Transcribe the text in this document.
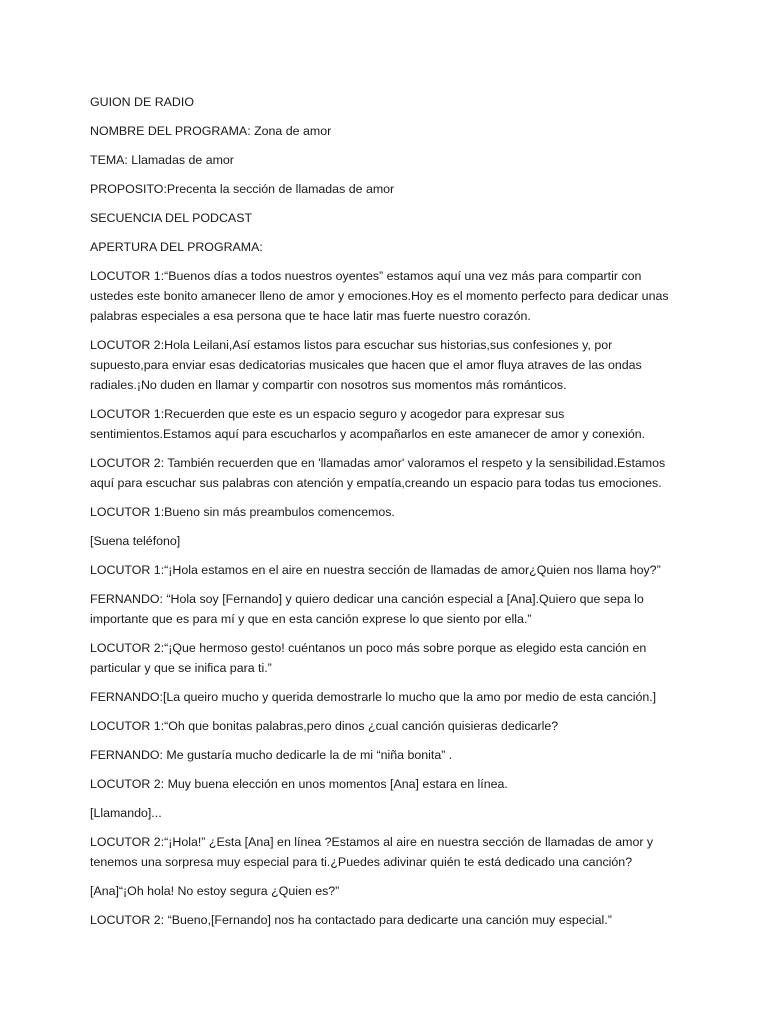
GUION DE RADIO

NOMBRE DEL PROGRAMA: Zona de amor

TEMA: Llamadas de amor

PROPOSITO:Precenta la sección de llamadas de amor

SECUENCIA DEL PODCAST

APERTURA DEL PROGRAMA:

LOCUTOR 1:“Buenos días a todos nuestros oyentes” estamos aquí una vez más para compartir con ustedes este bonito amanecer lleno de amor y emociones.Hoy es el momento perfecto para dedicar unas palabras especiales a esa persona que te hace latir mas fuerte nuestro corazón.

LOCUTOR 2:Hola Leilani,Así estamos listos para escuchar sus historias,sus confesiones y, por supuesto,para enviar esas dedicatorias musicales que hacen que el amor fluya atraves de las ondas radiales.¡No duden en llamar y compartir con nosotros sus momentos más románticos.

LOCUTOR 1:Recuerden que este es un espacio seguro y acogedor para expresar sus sentimientos.Estamos aquí para escucharlos y acompañarlos en este amanecer de amor y conexión.

LOCUTOR 2: También recuerden que en 'llamadas amor' valoramos el respeto y la sensibilidad.Estamos aquí para escuchar sus palabras con atención y empatía,creando un espacio para todas tus emociones.

LOCUTOR 1:Bueno sin más preambulos comencemos.

[Suena teléfono]

LOCUTOR 1:“¡Hola estamos en el aire en nuestra sección de llamadas de amor¿Quien nos llama hoy?”

FERNANDO: “Hola soy [Fernando] y quiero dedicar una canción especial a [Ana].Quiero que sepa lo importante que es para mí y que en esta canción exprese lo que siento por ella.”

LOCUTOR 2:“¡Que hermoso gesto! cuéntanos un poco más sobre porque as elegido esta canción en particular y que se inifica para ti.”

FERNANDO:[La queiro mucho y querida demostrarle lo mucho que la amo por medio de esta canción.]

LOCUTOR 1:“Oh que bonitas palabras,pero dinos ¿cual canción quisieras dedicarle?

FERNANDO: Me gustaría mucho dedicarle la de mi “niña bonita” .

LOCUTOR 2: Muy buena elección en unos momentos [Ana] estara en línea.

[Llamando]...

LOCUTOR 2:“¡Hola!” ¿Esta [Ana] en línea ?Estamos al aire en nuestra sección de llamadas de amor y tenemos una sorpresa muy especial para ti.¿Puedes adivinar quién te está dedicado una canción?

[Ana]“¡Oh hola! No estoy segura ¿Quien es?”

LOCUTOR 2: “Bueno,[Fernando] nos ha contactado para dedicarte una canción muy especial.”
